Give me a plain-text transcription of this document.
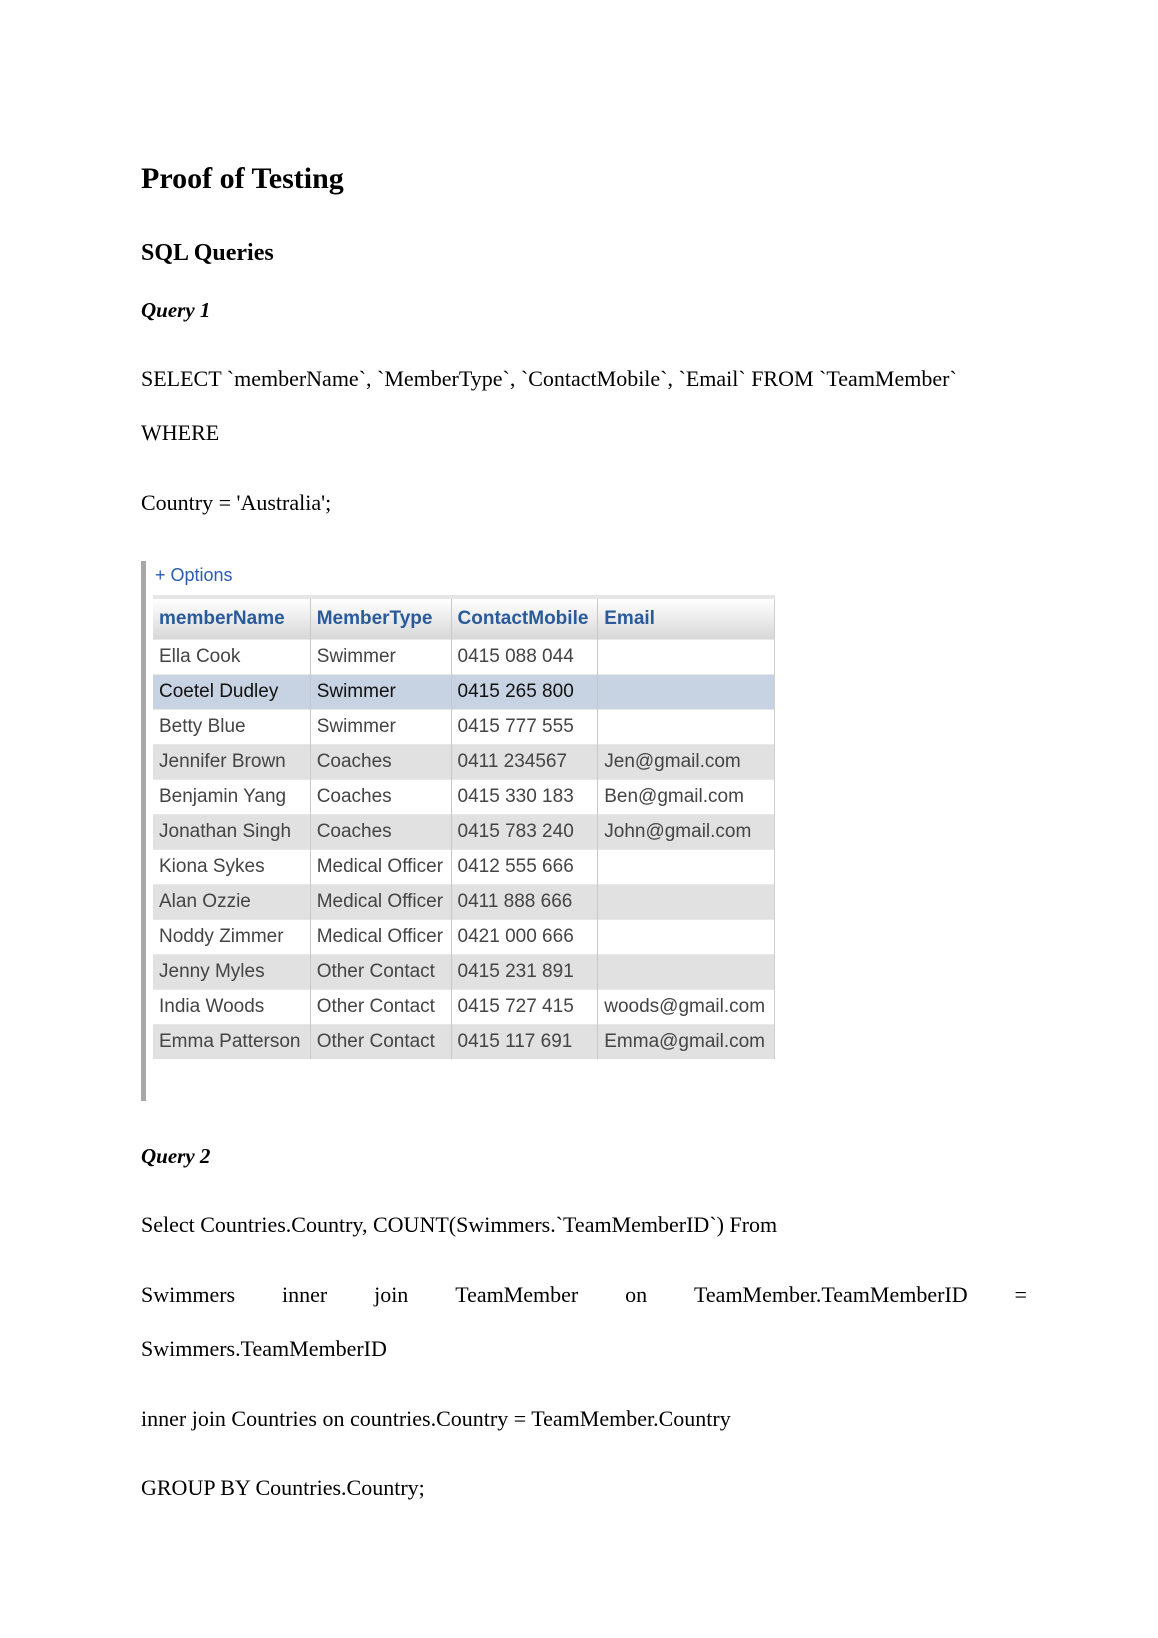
Proof of Testing
SQL Queries
Query 1

SELECT `memberName`, `MemberType`, `ContactMobile`, `Email` FROM `TeamMember`

WHERE

Country = 'Australia';

+ Options
memberName	MemberType	ContactMobile	Email
Ella Cook	Swimmer	0415 088 044	
Coetel Dudley	Swimmer	0415 265 800	
Betty Blue	Swimmer	0415 777 555	
Jennifer Brown	Coaches	0411 234567	Jen@gmail.com
Benjamin Yang	Coaches	0415 330 183	Ben@gmail.com
Jonathan Singh	Coaches	0415 783 240	John@gmail.com
Kiona Sykes	Medical Officer	0412 555 666	
Alan Ozzie	Medical Officer	0411 888 666	
Noddy Zimmer	Medical Officer	0421 000 666	
Jenny Myles	Other Contact	0415 231 891	
India Woods	Other Contact	0415 727 415	woods@gmail.com
Emma Patterson	Other Contact	0415 117 691	Emma@gmail.com
Query 2

Select Countries.Country, COUNT(Swimmers.`TeamMemberID`) From

Swimmers inner join TeamMember on TeamMember.TeamMemberID =

Swimmers.TeamMemberID

inner join Countries on countries.Country = TeamMember.Country

GROUP BY Countries.Country;
